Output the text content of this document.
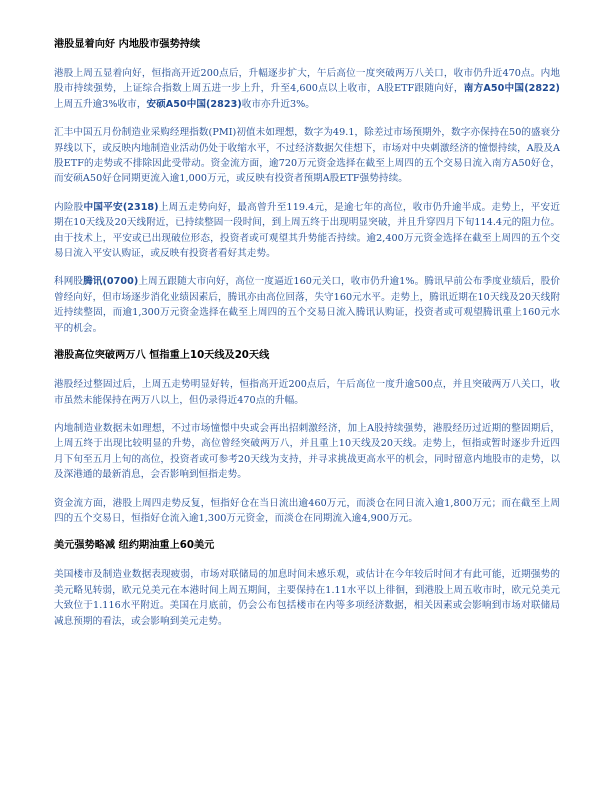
港股显着向好 内地股市强势持续

港股上周五显着向好，恒指高开近200点后，升幅逐步扩大，午后高位一度突破两万八关口，收市仍升近470点。内地股市持续强势，上证综合指数上周五进一步上升，升至4,600点以上收市，A股ETF跟随向好，南方A50中国(2822)上周五升逾3%收市，安硕A50中国(2823)收市亦升近3%。

汇丰中国五月份制造业采购经理指数(PMI)初值未如理想，数字为49.1，除差过市场预期外，数字亦保持在50的盛衰分界线以下，或反映内地制造业活动仍处于收缩水平，不过经济数据欠佳想下，市场对中央刺激经济的憧憬持续，A股及A股ETF的走势或不排除因此受带动。资金流方面，逾720万元资金选择在截至上周四的五个交易日流入南方A50好仓，而安硕A50好仓同期更流入逾1,000万元，或反映有投资者预期A股ETF强势持续。

内险股中国平安(2318)上周五走势向好，最高曾升至119.4元，是逾七年的高位，收市仍升逾半成。走势上，平安近期在10天线及20天线附近，已持续整固一段时间，到上周五终于出现明显突破，并且升穿四月下旬114.4元的阻力位。由于技术上，平安或已出现破位形态，投资者或可观望其升势能否持续。逾2,400万元资金选择在截至上周四的五个交易日流入平安认购证，或反映有投资者看好其走势。

科网股腾讯(0700)上周五跟随大市向好，高位一度逼近160元关口，收市仍升逾1%。腾讯早前公布季度业绩后，股价曾经向好，但市场逐步消化业绩因素后，腾讯亦由高位回落，失守160元水平。走势上，腾讯近期在10天线及20天线附近持续整固，而逾1,300万元资金选择在截至上周四的五个交易日流入腾讯认购证，投资者或可观望腾讯重上160元水平的机会。

港股高位突破两万八 恒指重上10天线及20天线

港股经过整固过后，上周五走势明显好转，恒指高开近200点后，午后高位一度升逾500点，并且突破两万八关口，收市虽然未能保持在两万八以上，但仍录得近470点的升幅。

内地制造业数据未如理想，不过市场憧憬中央或会再出招刺激经济，加上A股持续强势，港股经历过近期的整固期后，上周五终于出现比较明显的升势，高位曾经突破两万八，并且重上10天线及20天线。走势上，恒指或暂时逐步升近四月下旬至五月上旬的高位，投资者或可参考20天线为支持，并寻求挑战更高水平的机会，同时留意内地股市的走势，以及深港通的最新消息，会否影响到恒指走势。

资金流方面，港股上周四走势反复，恒指好仓在当日流出逾460万元，而淡仓在同日流入逾1,800万元；而在截至上周四的五个交易日，恒指好仓流入逾1,300万元资金，而淡仓在同期流入逾4,900万元。

美元强势略减 纽约期油重上60美元

美国楼市及制造业数据表现疲弱，市场对联储局的加息时间未感乐观，或估计在今年较后时间才有此可能，近期强势的美元略见转弱，欧元兑美元在本港时间上周五期间，主要保持在1.11水平以上徘徊，到港股上周五收市时，欧元兑美元大致位于1.116水平附近。美国在月底前，仍会公布包括楼市在内等多项经济数据，相关因素或会影响到市场对联储局减息预期的看法，或会影响到美元走势。
